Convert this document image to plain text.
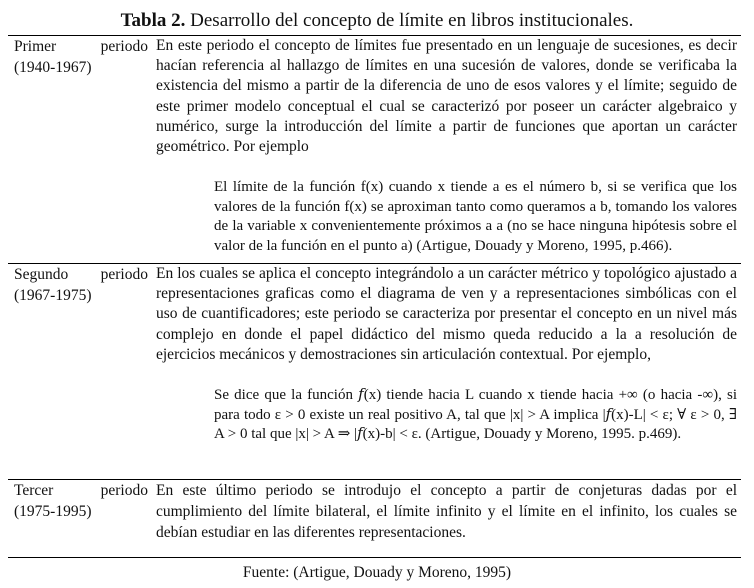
Tabla 2. Desarrollo del concepto de límite en libros institucionales.
Primer periodo
(1940-1967)

En este periodo el concepto de límites fue presentado en un lenguaje de sucesiones, es decir hacían referencia al hallazgo de límites en una sucesión de valores, donde se verificaba la existencia del mismo a partir de la diferencia de uno de esos valores y el límite; seguido de este primer modelo conceptual el cual se caracterizó por poseer un carácter algebraico y numérico, surge la introducción del límite a partir de funciones que aportan un carácter geométrico. Por ejemplo

El límite de la función f(x) cuando x tiende a es el número b, si se verifica que los valores de la función f(x) se aproximan tanto como queramos a b, tomando los valores de la variable x convenientemente próximos a a (no se hace ninguna hipótesis sobre el valor de la función en el punto a) (Artigue, Douady y Moreno, 1995, p.466).

Segundo periodo
(1967-1975)

En los cuales se aplica el concepto integrándolo a un carácter métrico y topológico ajustado a representaciones graficas como el diagrama de ven y a representaciones simbólicas con el uso de cuantificadores; este periodo se caracteriza por presentar el concepto en un nivel más complejo en donde el papel didáctico del mismo queda reducido a la a resolución de ejercicios mecánicos y demostraciones sin articulación contextual. Por ejemplo,

Se dice que la función 𝑓(x) tiende hacia L cuando x tiende hacia +∞ (o hacia -∞), si para todo ε > 0 existe un real positivo A, tal que |x| > A implica |𝑓(x)-L| < ε; ∀ ε > 0, ∃ A > 0 tal que |x| > A ⇒ |𝑓(x)-b| < ε. (Artigue, Douady y Moreno, 1995. p.469).

Tercer periodo
(1975-1995)

En este último periodo se introdujo el concepto a partir de conjeturas dadas por el cumplimiento del límite bilateral, el límite infinito y el límite en el infinito, los cuales se debían estudiar en las diferentes representaciones.

Fuente: (Artigue, Douady y Moreno, 1995)
